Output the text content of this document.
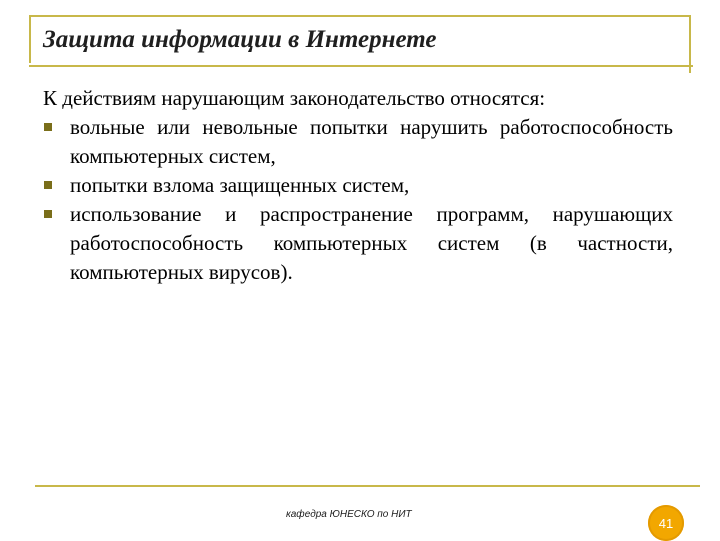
Защита информации в Интернете

К действиям нарушающим законодательство относятся:

вольные или невольные попытки нарушить работоспособность компьютерных систем,
попытки взлома защищенных систем,
использование и распространение программ, нарушающих работоспособность компьютерных систем (в частности, компьютерных вирусов).
кафедра ЮНЕСКО по НИТ
41
